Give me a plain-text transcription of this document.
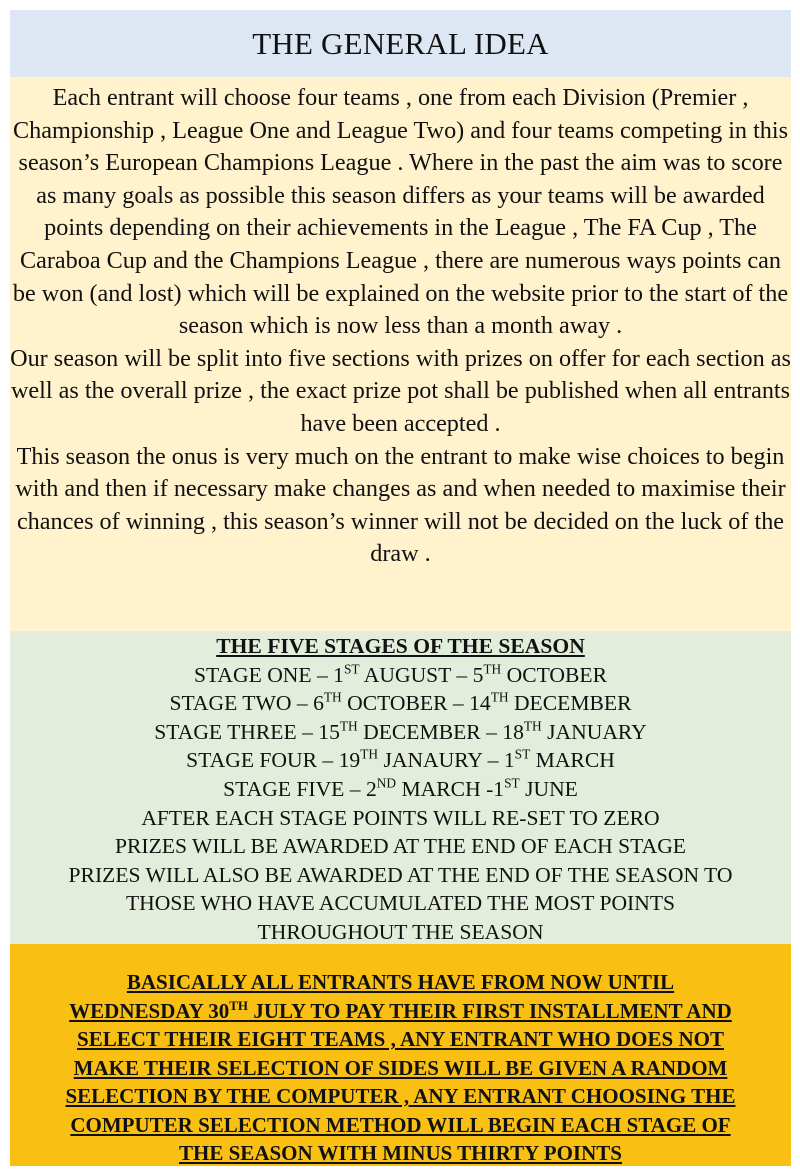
THE GENERAL IDEA

Each entrant will choose four teams , one from each Division (Premier , Championship , League One and League Two) and four teams competing in this season’s European Champions League . Where in the past the aim was to score as many goals as possible this season differs as your teams will be awarded points depending on their achievements in the League , The FA Cup , The Caraboa Cup and the Champions League , there are numerous ways points can be won (and lost) which will be explained on the website prior to the start of the season which is now less than a month away .

Our season will be split into five sections with prizes on offer for each section as well as the overall prize , the exact prize pot shall be published when all entrants have been accepted .

This season the onus is very much on the entrant to make wise choices to begin with and then if necessary make changes as and when needed to maximise their chances of winning , this season’s winner will not be decided on the luck of the draw .

THE FIVE STAGES OF THE SEASON
STAGE ONE – 1ST AUGUST – 5TH OCTOBER
STAGE TWO – 6TH OCTOBER – 14TH DECEMBER
STAGE THREE – 15TH DECEMBER – 18TH JANUARY
STAGE FOUR – 19TH JANAURY – 1ST MARCH
STAGE FIVE – 2ND MARCH -1ST JUNE
AFTER EACH STAGE POINTS WILL RE-SET TO ZERO
PRIZES WILL BE AWARDED AT THE END OF EACH STAGE
PRIZES WILL ALSO BE AWARDED AT THE END OF THE SEASON TO
THOSE WHO HAVE ACCUMULATED THE MOST POINTS
THROUGHOUT THE SEASON
BASICALLY ALL ENTRANTS HAVE FROM NOW UNTIL
WEDNESDAY 30TH JULY TO PAY THEIR FIRST INSTALLMENT AND
SELECT THEIR EIGHT TEAMS , ANY ENTRANT WHO DOES NOT
MAKE THEIR SELECTION OF SIDES WILL BE GIVEN A RANDOM
SELECTION BY THE COMPUTER , ANY ENTRANT CHOOSING THE
COMPUTER SELECTION METHOD WILL BEGIN EACH STAGE OF
THE SEASON WITH MINUS THIRTY POINTS
